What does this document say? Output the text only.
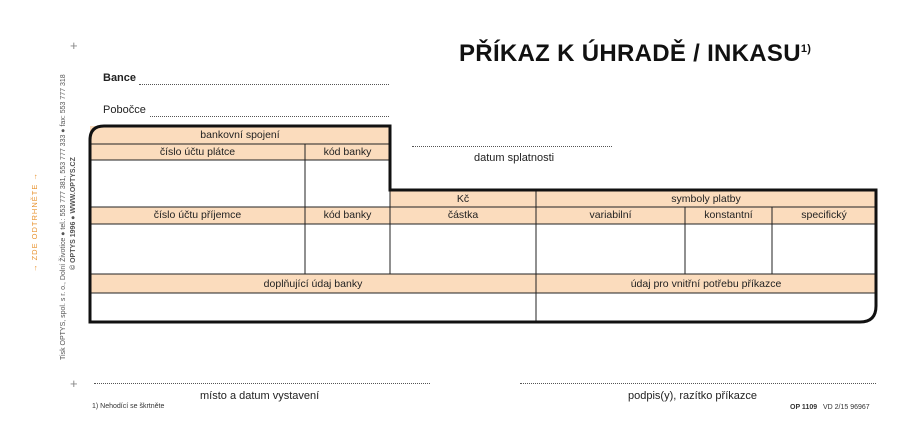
+
+
→ ZDE ODTRHNĚTE →	Tisk OPTYS, spol. s r. o., Dolní Životice ● tel.: 553 777 381, 553 777 333 ● fax: 553 777 318 © OPTYS 1996 ● WWW.OPTYS.CZ
PŘÍKAZ K ÚHRADĚ / INKASU$^{1)}$
Bance
Pobočce
datum splatnosti
bankovní spojení
číslo účtu plátce	kód banky
Kč	symboly platby
číslo účtu příjemce	kód banky	částka	variabilní	konstantní	specifický
doplňující údaj banky	údaj pro vnitřní potřebu příkazce
místo a datum vystavení	podpis(y), razítko příkazce
1) Nehodící se škrtněte	OP 1109 VD 2/15 96967
